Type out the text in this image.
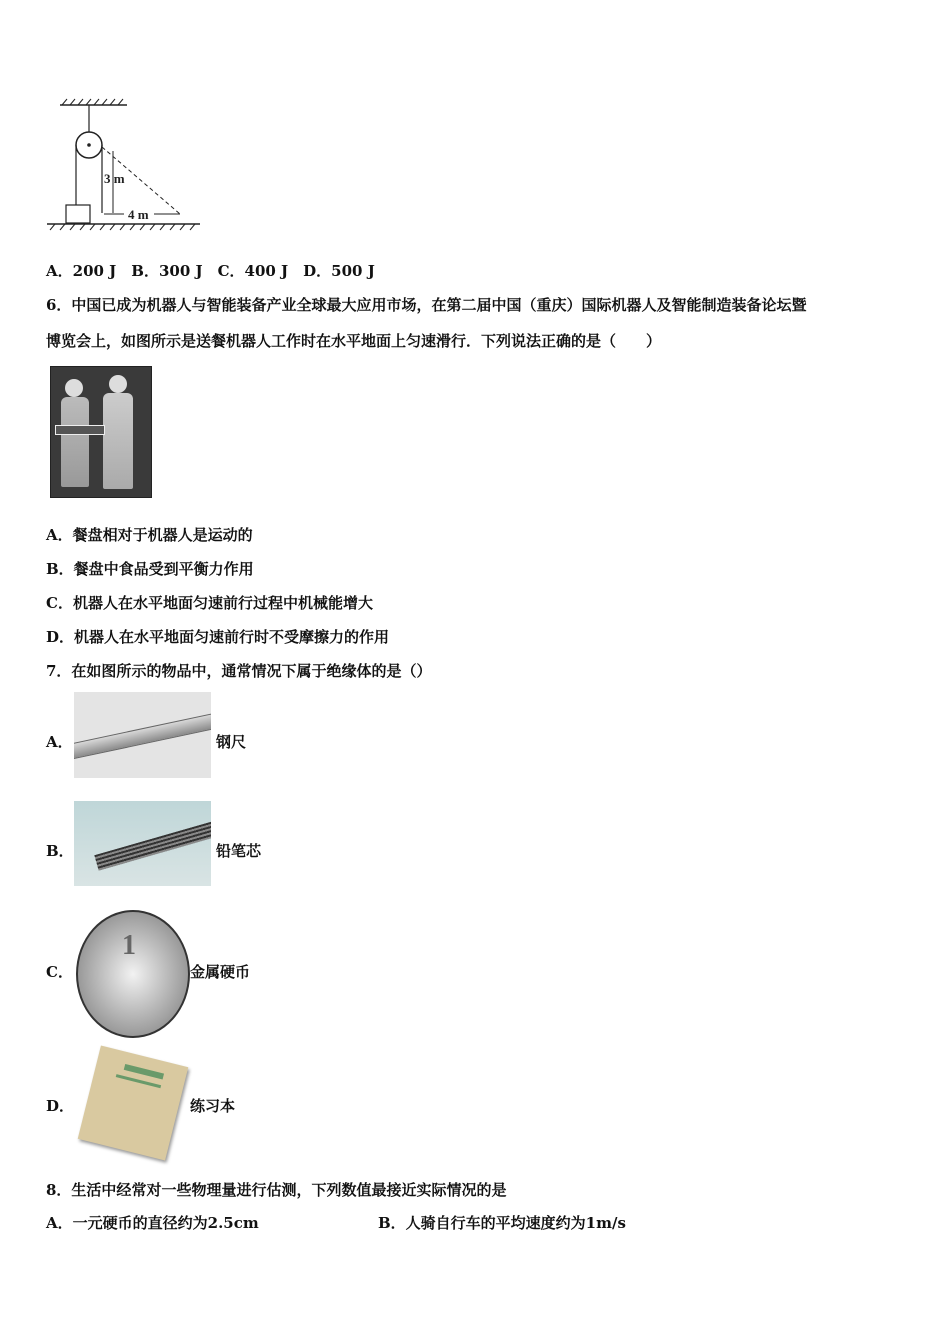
3 m
4 m
A．200 J　B．300 J　C．400 J　D．500 J
6．中国已成为机器人与智能装备产业全球最大应用市场，在第二届中国（重庆）国际机器人及智能制造装备论坛暨
博览会上，如图所示是送餐机器人工作时在水平地面上匀速滑行．下列说法正确的是（　　）
A．餐盘相对于机器人是运动的
B．餐盘中食品受到平衡力作用
C．机器人在水平地面匀速前行过程中机械能增大
D．机器人在水平地面匀速前行时不受摩擦力的作用
7．在如图所示的物品中，通常情况下属于绝缘体的是（）
A．	钢尺
B．	铅笔芯
C．
1
金属硬币
D．	练习本
8．生活中经常对一些物理量进行估测，下列数值最接近实际情况的是
A．一元硬币的直径约为2.5cm	B．人骑自行车的平均速度约为1m/s
